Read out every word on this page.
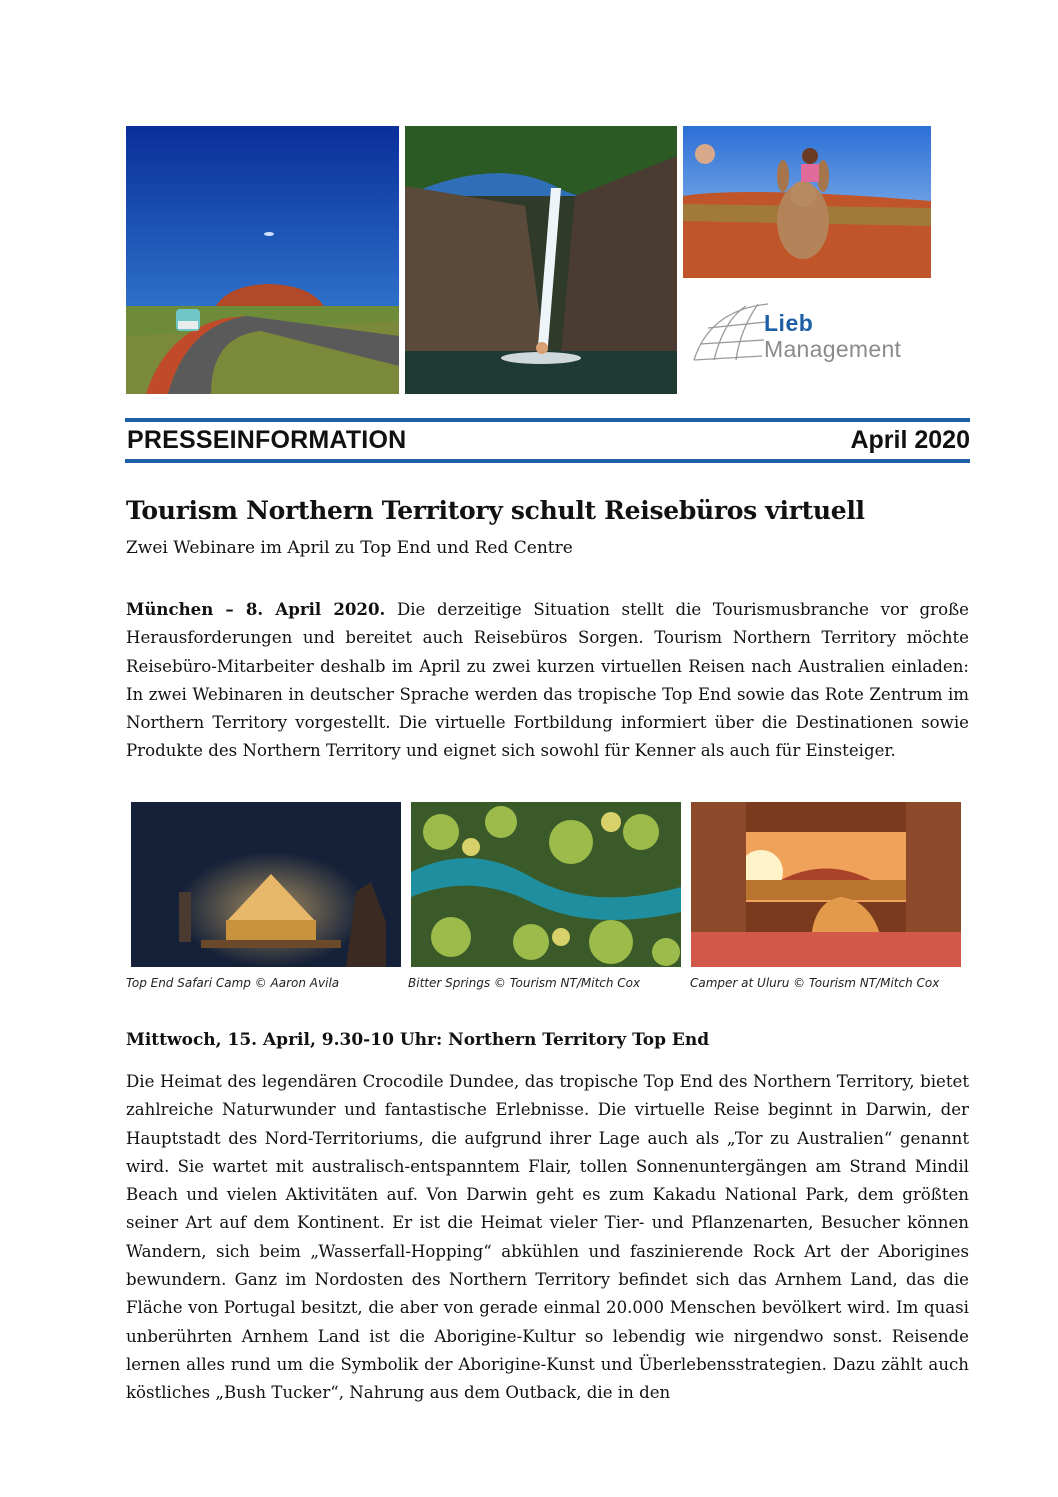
Lieb
Management
PRESSEINFORMATION	April 2020
Tourism Northern Territory schult Reisebüros virtuell
Zwei Webinare im April zu Top End und Red Centre

München – 8. April 2020. Die derzeitige Situation stellt die Tourismusbranche vor große Herausforderungen und bereitet auch Reisebüros Sorgen. Tourism Northern Territory möchte Reisebüro-Mitarbeiter deshalb im April zu zwei kurzen virtuellen Reisen nach Australien einladen: In zwei Webinaren in deutscher Sprache werden das tropische Top End sowie das Rote Zentrum im Northern Territory vorgestellt. Die virtuelle Fortbildung informiert über die Destinationen sowie Produkte des Northern Territory und eignet sich sowohl für Kenner als auch für Einsteiger.

Top End Safari Camp © Aaron Avila	Bitter Springs © Tourism NT/Mitch Cox	Camper at Uluru © Tourism NT/Mitch Cox
Mittwoch, 15. April, 9.30-10 Uhr: Northern Territory Top End

Die Heimat des legendären Crocodile Dundee, das tropische Top End des Northern Territory, bietet zahlreiche Naturwunder und fantastische Erlebnisse. Die virtuelle Reise beginnt in Darwin, der Hauptstadt des Nord-Territoriums, die aufgrund ihrer Lage auch als „Tor zu Australien“ genannt wird. Sie wartet mit australisch-entspanntem Flair, tollen Sonnenuntergängen am Strand Mindil Beach und vielen Aktivitäten auf. Von Darwin geht es zum Kakadu National Park, dem größten seiner Art auf dem Kontinent. Er ist die Heimat vieler Tier- und Pflanzenarten, Besucher können Wandern, sich beim „Wasserfall-Hopping“ abkühlen und faszinierende Rock Art der Aborigines bewundern. Ganz im Nordosten des Northern Territory befindet sich das Arnhem Land, das die Fläche von Portugal besitzt, die aber von gerade einmal 20.000 Menschen bevölkert wird. Im quasi unberührten Arnhem Land ist die Aborigine-Kultur so lebendig wie nirgendwo sonst. Reisende lernen alles rund um die Symbolik der Aborigine-Kunst und Überlebensstrategien. Dazu zählt auch köstliches „Bush Tucker“, Nahrung aus dem Outback, die in den
